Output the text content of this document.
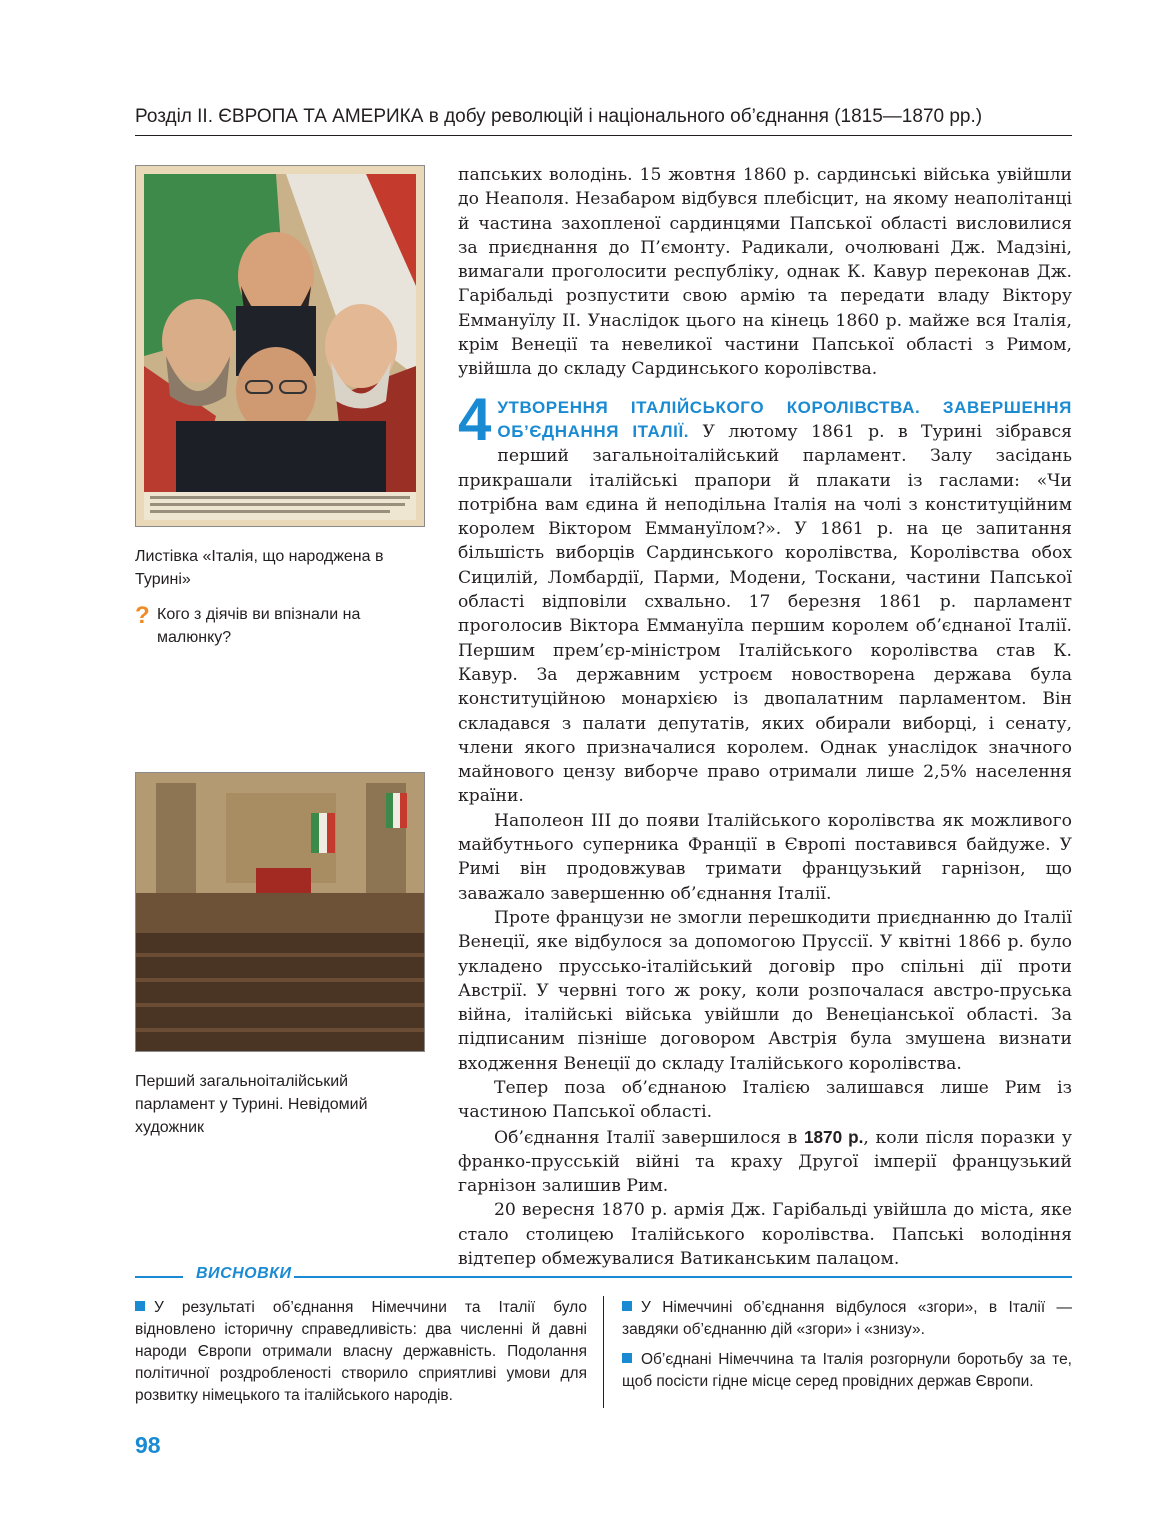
Розділ ІІ. ЄВРОПА ТА АМЕРИКА в добу революцій і національного об’єднання (1815—1870 рр.)
Листівка «Італія, що народжена в Турині»
? Кого з діячів ви впізнали на малюнку?
Перший загальноіталійський парламент у Турині. Невідомий художник

папських володінь. 15 жовтня 1860 р. сардинські війська увійшли до Неаполя. Незабаром відбувся плебісцит, на якому неаполітанці й частина захопленої сардинцями Папської області висловилися за приєднання до П’ємонту. Радикали, очолювані Дж. Мадзіні, вимагали проголосити республіку, однак К. Кавур переконав Дж. Гарібальді розпустити свою армію та передати владу Віктору Еммануїлу ІІ. Унаслідок цього на кінець 1860 р. майже вся Італія, крім Венеції та невеликої частини Папської області з Римом, увійшла до складу Сардинського королівства.

4 УТВОРЕННЯ ІТАЛІЙСЬКОГО КОРОЛІВСТВА. ЗАВЕРШЕННЯ ОБ’ЄДНАННЯ ІТАЛІЇ. У лютому 1861 р. в Турині зібрався перший загальноіталійський парламент. Залу засідань прикрашали італійські прапори й плакати із гаслами: «Чи потрібна вам єдина й неподільна Італія на чолі з конституційним королем Віктором Еммануїлом?». У 1861 р. на це запитання більшість виборців Сардинського королівства, Королівства обох Сицилій, Ломбардії, Парми, Модени, Тоскани, частини Папської області відповіли схвально. 17 березня 1861 р. парламент проголосив Віктора Еммануїла першим королем об’єднаної Італії. Першим прем’єр-міністром Італійського королівства став К. Кавур. За державним устроєм новостворена держава була конституційною монархією із двопалатним парламентом. Він складався з палати депутатів, яких обирали виборці, і сенату, члени якого призначалися королем. Однак унаслідок значного майнового цензу виборче право отримали лише 2,5% населення країни.

Наполеон ІІІ до появи Італійського королівства як можливого майбутнього суперника Франції в Європі поставився байдуже. У Римі він продовжував тримати французький гарнізон, що заважало завершенню об’єднання Італії.

Проте французи не змогли перешкодити приєднанню до Італії Венеції, яке відбулося за допомогою Пруссії. У квітні 1866 р. було укладено прусcько-італійський договір про спільні дії проти Австрії. У червні того ж року, коли розпочалася австро-пруська війна, італійські війська увійшли до Венеціанської області. За підписаним пізніше договором Австрія була змушена визнати входження Венеції до складу Італійського королівства.

Тепер поза об’єднаною Італією залишався лише Рим із частиною Папської області.

Об’єднання Італії завершилося в 1870 р., коли після поразки у франко-прусській війні та краху Другої імперії французький гарнізон залишив Рим.

20 вересня 1870 р. армія Дж. Гарібальді увійшла до міста, яке стало столицею Італійського королівства. Папські володіння відтепер обмежувалися Ватиканським палацом.

ВИСНОВКИ

У результаті об’єднання Німеччини та Італії було відновлено історичну справедливість: два численні й давні народи Європи отримали власну державність. Подолання політичної роздробленості створило сприятливі умови для розвитку німецького та італійського народів.

У Німеччині об’єднання відбулося «згори», в Італії — завдяки об’єднанню дій «згори» і «знизу».

Об’єднані Німеччина та Італія розгорнули боротьбу за те, щоб посісти гідне місце серед провідних держав Європи.

98
